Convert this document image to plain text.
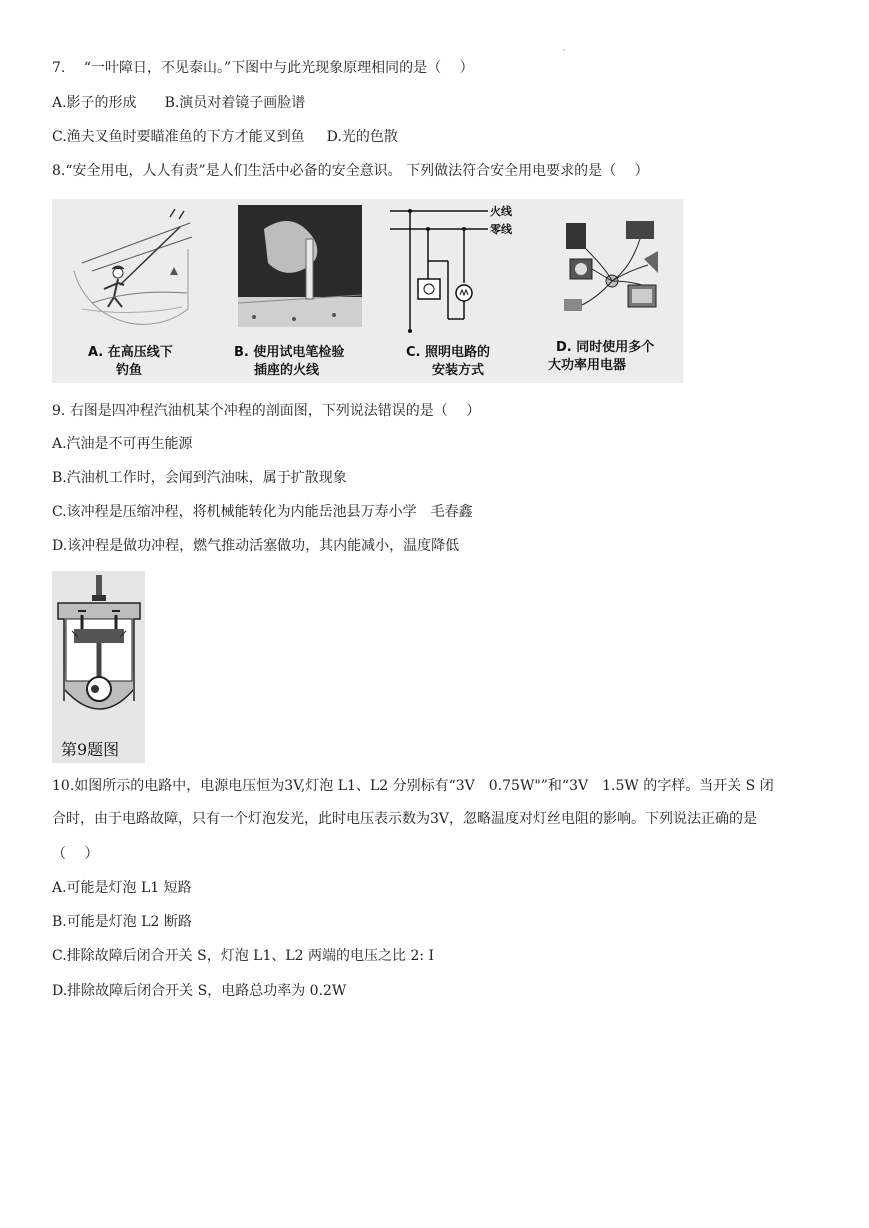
'
7.　 “一叶障日，不见泰山。”下图中与此光现象原理相同的是（　 ）
A.影子的形成 B.演员对着镜子画脸谱
C.渔夫叉鱼时要瞄准鱼的下方才能叉到鱼 D.光的色散
8.“安全用电，人人有责”是人们生活中必备的安全意识。 下列做法符合安全用电要求的是（　 ）
A. 在高压线下
钓鱼
B. 使用试电笔检验
插座的火线
火线
零线
C. 照明电路的
安装方式
D. 同时使用多个
大功率用电器
9. 右图是四冲程汽油机某个冲程的剖面图，下列说法错误的是（　 ）
A.汽油是不可再生能源
B.汽油机工作时，会闻到汽油味，属于扩散现象
C.该冲程是压缩冲程，将机械能转化为内能岳池县万寿小学　毛春鑫
D.该冲程是做功冲程，燃气推动活塞做功，其内能减小，温度降低
第9题图
10.如图所示的电路中，电源电压恒为3V,灯泡 L1、L2 分别标有“3V　0.75W"”和“3V　1.5W 的字样。当开关 S 闭
合时，由于电路故障，只有一个灯泡发光，此时电压表示数为3V，忽略温度对灯丝电阻的影响。下列说法正确的是
（　 ）
A.可能是灯泡 L1 短路
B.可能是灯泡 L2 断路
C.排除故障后闭合开关 S，灯泡 L1、L2 两端的电压之比 2: I
D.排除故障后闭合开关 S，电路总功率为 0.2W
